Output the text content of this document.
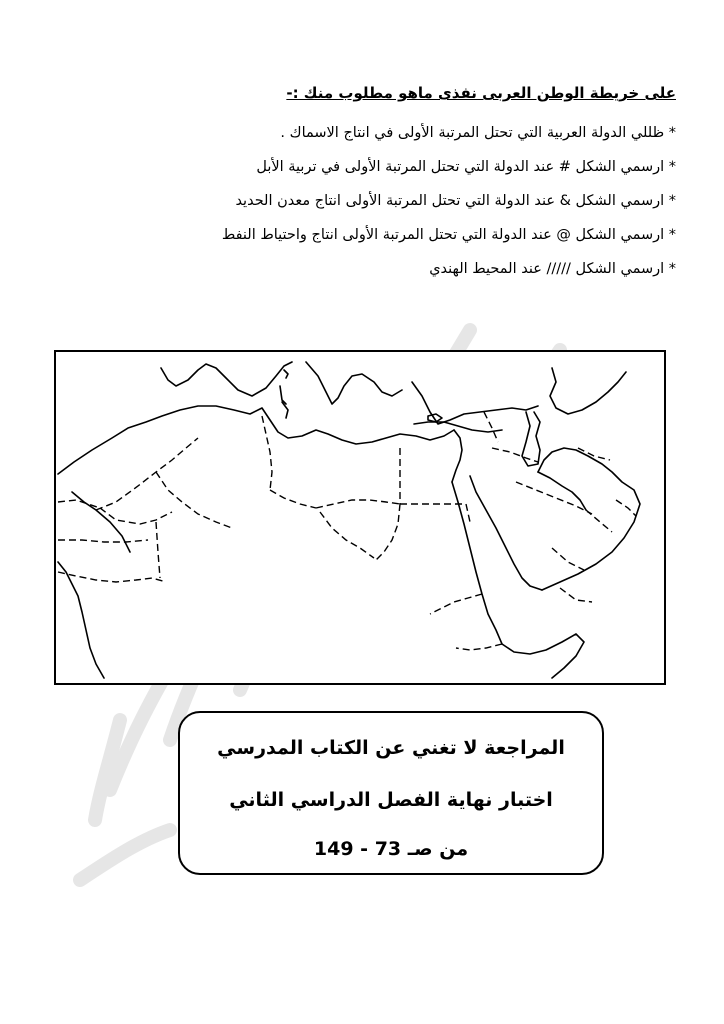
على خريطة الوطن العربى نفذى ماهو مطلوب منك :-
* ظللي الدولة العربية التي تحتل المرتبة الأولى في انتاج الاسماك .
* ارسمي الشكل # عند الدولة التي تحتل المرتبة الأولى في تربية الأبل
* ارسمي الشكل & عند الدولة التي تحتل المرتبة الأولى انتاج معدن الحديد
* ارسمي الشكل @ عند الدولة التي تحتل المرتبة الأولى انتاج واحتياط النفط
* ارسمي الشكل ///// عند المحيط الهندي
المراجعة لا تغني عن الكتاب المدرسي
اختبار نهاية الفصل الدراسي الثاني
من صـ 73 - 149
